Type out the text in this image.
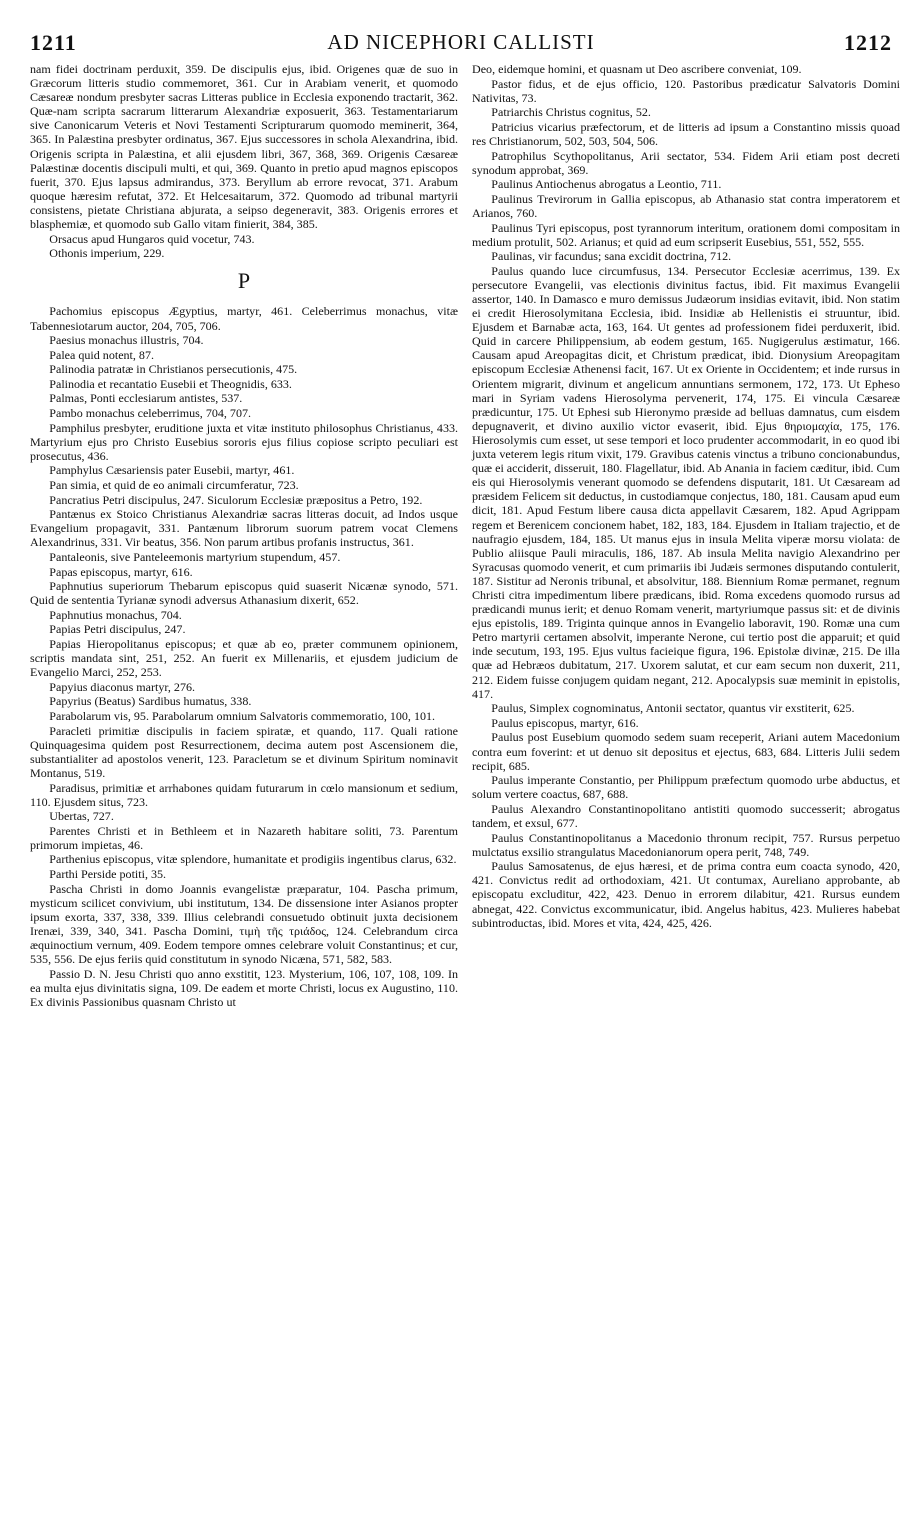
1211	AD NICEPHORI CALLISTI	1212

nam fidei doctrinam perduxit, 359. De discipulis ejus, ibid. Origenes quæ de suo in Græcorum litteris studio commemoret, 361. Cur in Arabiam venerit, et quomodo Cæsareæ nondum presbyter sacras Litteras publice in Ecclesia exponendo tractarit, 362. Quæ-nam scripta sacrarum litterarum Alexandriæ exposuerit, 363. Testamentariarum sive Canonicarum Veteris et Novi Testamenti Scripturarum quomodo meminerit, 364, 365. In Palæstina presbyter ordinatus, 367. Ejus successores in schola Alexandrina, ibid. Origenis scripta in Palæstina, et alii ejusdem libri, 367, 368, 369. Origenis Cæsareæ Palæstinæ docentis discipuli multi, et qui, 369. Quanto in pretio apud magnos episcopos fuerit, 370. Ejus lapsus admirandus, 373. Beryllum ab errore revocat, 371. Arabum quoque hæresim refutat, 372. Et Helcesaitarum, 372. Quomodo ad tribunal martyrii consistens, pietate Christiana abjurata, a seipso degeneravit, 383. Origenis errores et blasphemiæ, et quomodo sub Gallo vitam finierit, 384, 385.

Orsacus apud Hungaros quid vocetur, 743.

Othonis imperium, 229.

P

Pachomius episcopus Ægyptius, martyr, 461. Celeberrimus monachus, vitæ Tabennesiotarum auctor, 204, 705, 706.

Paesius monachus illustris, 704.

Palea quid notent, 87.

Palinodia patratæ in Christianos persecutionis, 475.

Palinodia et recantatio Eusebii et Theognidis, 633.

Palmas, Ponti ecclesiarum antistes, 537.

Pambo monachus celeberrimus, 704, 707.

Pamphilus presbyter, eruditione juxta et vitæ instituto philosophus Christianus, 433. Martyrium ejus pro Christo Eusebius sororis ejus filius copiose scripto peculiari est prosecutus, 436.

Pamphylus Cæsariensis pater Eusebii, martyr, 461.

Pan simia, et quid de eo animali circumferatur, 723.

Pancratius Petri discipulus, 247. Siculorum Ecclesiæ præpositus a Petro, 192.

Pantænus ex Stoico Christianus Alexandriæ sacras litteras docuit, ad Indos usque Evangelium propagavit, 331. Pantænum librorum suorum patrem vocat Clemens Alexandrinus, 331. Vir beatus, 356. Non parum artibus profanis instructus, 361.

Pantaleonis, sive Panteleemonis martyrium stupendum, 457.

Papas episcopus, martyr, 616.

Paphnutius superiorum Thebarum episcopus quid suaserit Nicænæ synodo, 571. Quid de sententia Tyrianæ synodi adversus Athanasium dixerit, 652.

Paphnutius monachus, 704.

Papias Petri discipulus, 247.

Papias Hieropolitanus episcopus; et quæ ab eo, præter communem opinionem, scriptis mandata sint, 251, 252. An fuerit ex Millenariis, et ejusdem judicium de Evangelio Marci, 252, 253.

Papyius diaconus martyr, 276.

Papyrius (Beatus) Sardibus humatus, 338.

Parabolarum vis, 95. Parabolarum omnium Salvatoris commemoratio, 100, 101.

Paracleti primitiæ discipulis in faciem spiratæ, et quando, 117. Quali ratione Quinquagesima quidem post Resurrectionem, decima autem post Ascensionem die, substantialiter ad apostolos venerit, 123. Paracletum se et divinum Spiritum nominavit Montanus, 519.

Paradisus, primitiæ et arrhabones quidam futurarum in cœlo mansionum et sedium, 110. Ejusdem situs, 723.

Ubertas, 727.

Parentes Christi et in Bethleem et in Nazareth habitare soliti, 73. Parentum primorum impietas, 46.

Parthenius episcopus, vitæ splendore, humanitate et prodigiis ingentibus clarus, 632.

Parthi Perside potiti, 35.

Pascha Christi in domo Joannis evangelistæ præparatur, 104. Pascha primum, mysticum scilicet convivium, ubi institutum, 134. De dissensione inter Asianos propter ipsum exorta, 337, 338, 339. Illius celebrandi consuetudo obtinuit juxta decisionem Irenæi, 339, 340, 341. Pascha Domini, τιμὴ τῆς τριάδος, 124. Celebrandum circa æquinoctium vernum, 409. Eodem tempore omnes celebrare voluit Constantinus; et cur, 535, 556. De ejus feriis quid constitutum in synodo Nicæna, 571, 582, 583.

Passio D. N. Jesu Christi quo anno exstitit, 123. Mysterium, 106, 107, 108, 109. In ea multa ejus divinitatis signa, 109. De eadem et morte Christi, locus ex Augustino, 110. Ex divinis Passionibus quasnam Christo ut

Deo, eidemque homini, et quasnam ut Deo ascribere conveniat, 109.

Pastor fidus, et de ejus officio, 120. Pastoribus prædicatur Salvatoris Domini Nativitas, 73.

Patriarchis Christus cognitus, 52.

Patricius vicarius præfectorum, et de litteris ad ipsum a Constantino missis quoad res Christianorum, 502, 503, 504, 506.

Patrophilus Scythopolitanus, Arii sectator, 534. Fidem Arii etiam post decreti synodum approbat, 369.

Paulinus Antiochenus abrogatus a Leontio, 711.

Paulinus Trevirorum in Gallia episcopus, ab Athanasio stat contra imperatorem et Arianos, 760.

Paulinus Tyri episcopus, post tyrannorum interitum, orationem domi compositam in medium protulit, 502. Arianus; et quid ad eum scripserit Eusebius, 551, 552, 555.

Paulinas, vir facundus; sana excidit doctrina, 712.

Paulus quando luce circumfusus, 134. Persecutor Ecclesiæ acerrimus, 139. Ex persecutore Evangelii, vas electionis divinitus factus, ibid. Fit maximus Evangelii assertor, 140. In Damasco e muro demissus Judæorum insidias evitavit, ibid. Non statim ei credit Hierosolymitana Ecclesia, ibid. Insidiæ ab Hellenistis ei struuntur, ibid. Ejusdem et Barnabæ acta, 163, 164. Ut gentes ad professionem fidei perduxerit, ibid. Quid in carcere Philippensium, ab eodem gestum, 165. Nugigerulus æstimatur, 166. Causam apud Areopagitas dicit, et Christum prædicat, ibid. Dionysium Areopagitam episcopum Ecclesiæ Athenensi facit, 167. Ut ex Oriente in Occidentem; et inde rursus in Orientem migrarit, divinum et angelicum annuntians sermonem, 172, 173. Ut Epheso mari in Syriam vadens Hierosolyma pervenerit, 174, 175. Ei vincula Cæsareæ prædicuntur, 175. Ut Ephesi sub Hieronymo præside ad belluas damnatus, cum eisdem depugnaverit, et divino auxilio victor evaserit, ibid. Ejus θηριομαχία, 175, 176. Hierosolymis cum esset, ut sese tempori et loco prudenter accommodarit, in eo quod ibi juxta veterem legis ritum vixit, 179. Gravibus catenis vinctus a tribuno concionabundus, quæ ei acciderit, disseruit, 180. Flagellatur, ibid. Ab Anania in faciem cæditur, ibid. Cum eis qui Hierosolymis venerant quomodo se defendens disputarit, 181. Ut Cæsaream ad præsidem Felicem sit deductus, in custodiamque conjectus, 180, 181. Causam apud eum dicit, 181. Apud Festum libere causa dicta appellavit Cæsarem, 182. Apud Agrippam regem et Berenicem concionem habet, 182, 183, 184. Ejusdem in Italiam trajectio, et de naufragio ejusdem, 184, 185. Ut manus ejus in insula Melita viperæ morsu violata: de Publio aliisque Pauli miraculis, 186, 187. Ab insula Melita navigio Alexandrino per Syracusas quomodo venerit, et cum primariis ibi Judæis sermones disputando contulerit, 187. Sistitur ad Neronis tribunal, et absolvitur, 188. Biennium Romæ permanet, regnum Christi citra impedimentum libere prædicans, ibid. Roma excedens quomodo rursus ad prædicandi munus ierit; et denuo Romam venerit, martyriumque passus sit: et de divinis ejus epistolis, 189. Triginta quinque annos in Evangelio laboravit, 190. Romæ una cum Petro martyrii certamen absolvit, imperante Nerone, cui tertio post die apparuit; et quid inde secutum, 193, 195. Ejus vultus facieique figura, 196. Epistolæ divinæ, 215. De illa quæ ad Hebræos dubitatum, 217. Uxorem salutat, et cur eam secum non duxerit, 211, 212. Eidem fuisse conjugem quidam negant, 212. Apocalypsis suæ meminit in epistolis, 417.

Paulus, Simplex cognominatus, Antonii sectator, quantus vir exstiterit, 625.

Paulus episcopus, martyr, 616.

Paulus post Eusebium quomodo sedem suam receperit, Ariani autem Macedonium contra eum foverint: et ut denuo sit depositus et ejectus, 683, 684. Litteris Julii sedem recipit, 685.

Paulus imperante Constantio, per Philippum præfectum quomodo urbe abductus, et solum vertere coactus, 687, 688.

Paulus Alexandro Constantinopolitano antistiti quomodo successerit; abrogatus tandem, et exsul, 677.

Paulus Constantinopolitanus a Macedonio thronum recipit, 757. Rursus perpetuo mulctatus exsilio strangulatus Macedonianorum opera perit, 748, 749.

Paulus Samosatenus, de ejus hæresi, et de prima contra eum coacta synodo, 420, 421. Convictus redit ad orthodoxiam, 421. Ut contumax, Aurelianο approbante, ab episcopatu excluditur, 422, 423. Denuo in errorem dilabitur, 421. Rursus eundem abnegat, 422. Convictus excommunicatur, ibid. Angelus habitus, 423. Mulieres habebat subintroductas, ibid. Mores et vita, 424, 425, 426.
